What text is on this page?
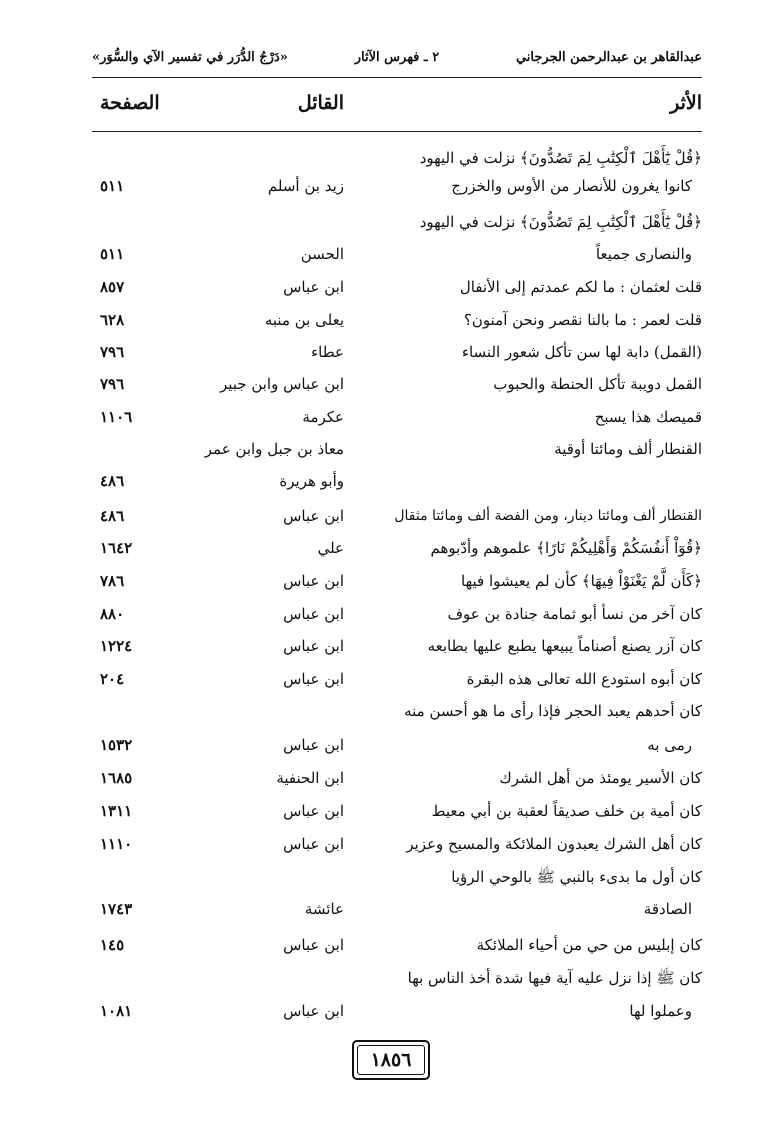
عبدالقاهر بن عبدالرحمن الجرجاني
٢ ـ فهرس الآثار
«دَرْجُ الدُّرَر في تفسير الآي والسُّوَر»
الأثر
القائل
الصفحة
﴿قُلْ يَٰٓأَهْلَ ٱلْكِتَٰبِ لِمَ تَصُدُّونَ﴾ نزلت في اليهود
كانوا يغرون للأنصار من الأوس والخزرج
زيد بن أسلم
٥١١
﴿قُلْ يَٰٓأَهْلَ ٱلْكِتَٰبِ لِمَ تَصُدُّونَ﴾ نزلت في اليهود
والنصارى جميعاً
الحسن
٥١١
قلت لعثمان : ما لكم عمدتم إلى الأنفال
ابن عباس
٨٥٧
قلت لعمر : ما بالنا نقصر ونحن آمنون؟
يعلى بن منبه
٦٢٨
(القمل) دابة لها سن تأكل شعور النساء
عطاء
٧٩٦
القمل دويبة تأكل الحنطة والحبوب
ابن عباس وابن جبير
٧٩٦
قميصك هذا يسبح
عكرمة
١١٠٦
القنطار ألف ومائتا أوقية
معاذ بن جبل وابن عمر
وأبو هريرة
٤٨٦
القنطار ألف ومائتا دينار، ومن الفضة ألف ومائتا مثقال
ابن عباس
٤٨٦
﴿قُوٓاْ أَنفُسَكُمْ وَأَهْلِيكُمْ نَارًا﴾ علموهم وأدّبوهم
علي
١٦٤٢
﴿كَأَن لَّمْ يَغْنَوْاْ فِيهَا﴾ كأن لم يعيشوا فيها
ابن عباس
٧٨٦
كان آخر من نسأ أبو ثمامة جنادة بن عوف
ابن عباس
٨٨٠
كان آزر يصنع أصناماً يبيعها يطبع عليها بطابعه
ابن عباس
١٢٢٤
كان أبوه استودع الله تعالى هذه البقرة
ابن عباس
٢٠٤
كان أحدهم يعبد الحجر فإذا رأى ما هو أحسن منه
رمى به
ابن عباس
١٥٣٢
كان الأسير يومئذ من أهل الشرك
ابن الحنفية
١٦٨٥
كان أمية بن خلف صديقاً لعقبة بن أبي معيط
ابن عباس
١٣١١
كان أهل الشرك يعبدون الملائكة والمسيح وعزير
ابن عباس
١١١٠
كان أول ما بدىء بالنبي ﷺ بالوحي الرؤيا
الصادقة
عائشة
١٧٤٣
كان إبليس من حي من أحياء الملائكة
ابن عباس
١٤٥
كان ﷺ إذا نزل عليه آية فيها شدة أخذ الناس بها
وعملوا لها
ابن عباس
١٠٨١
١٨٥٦
